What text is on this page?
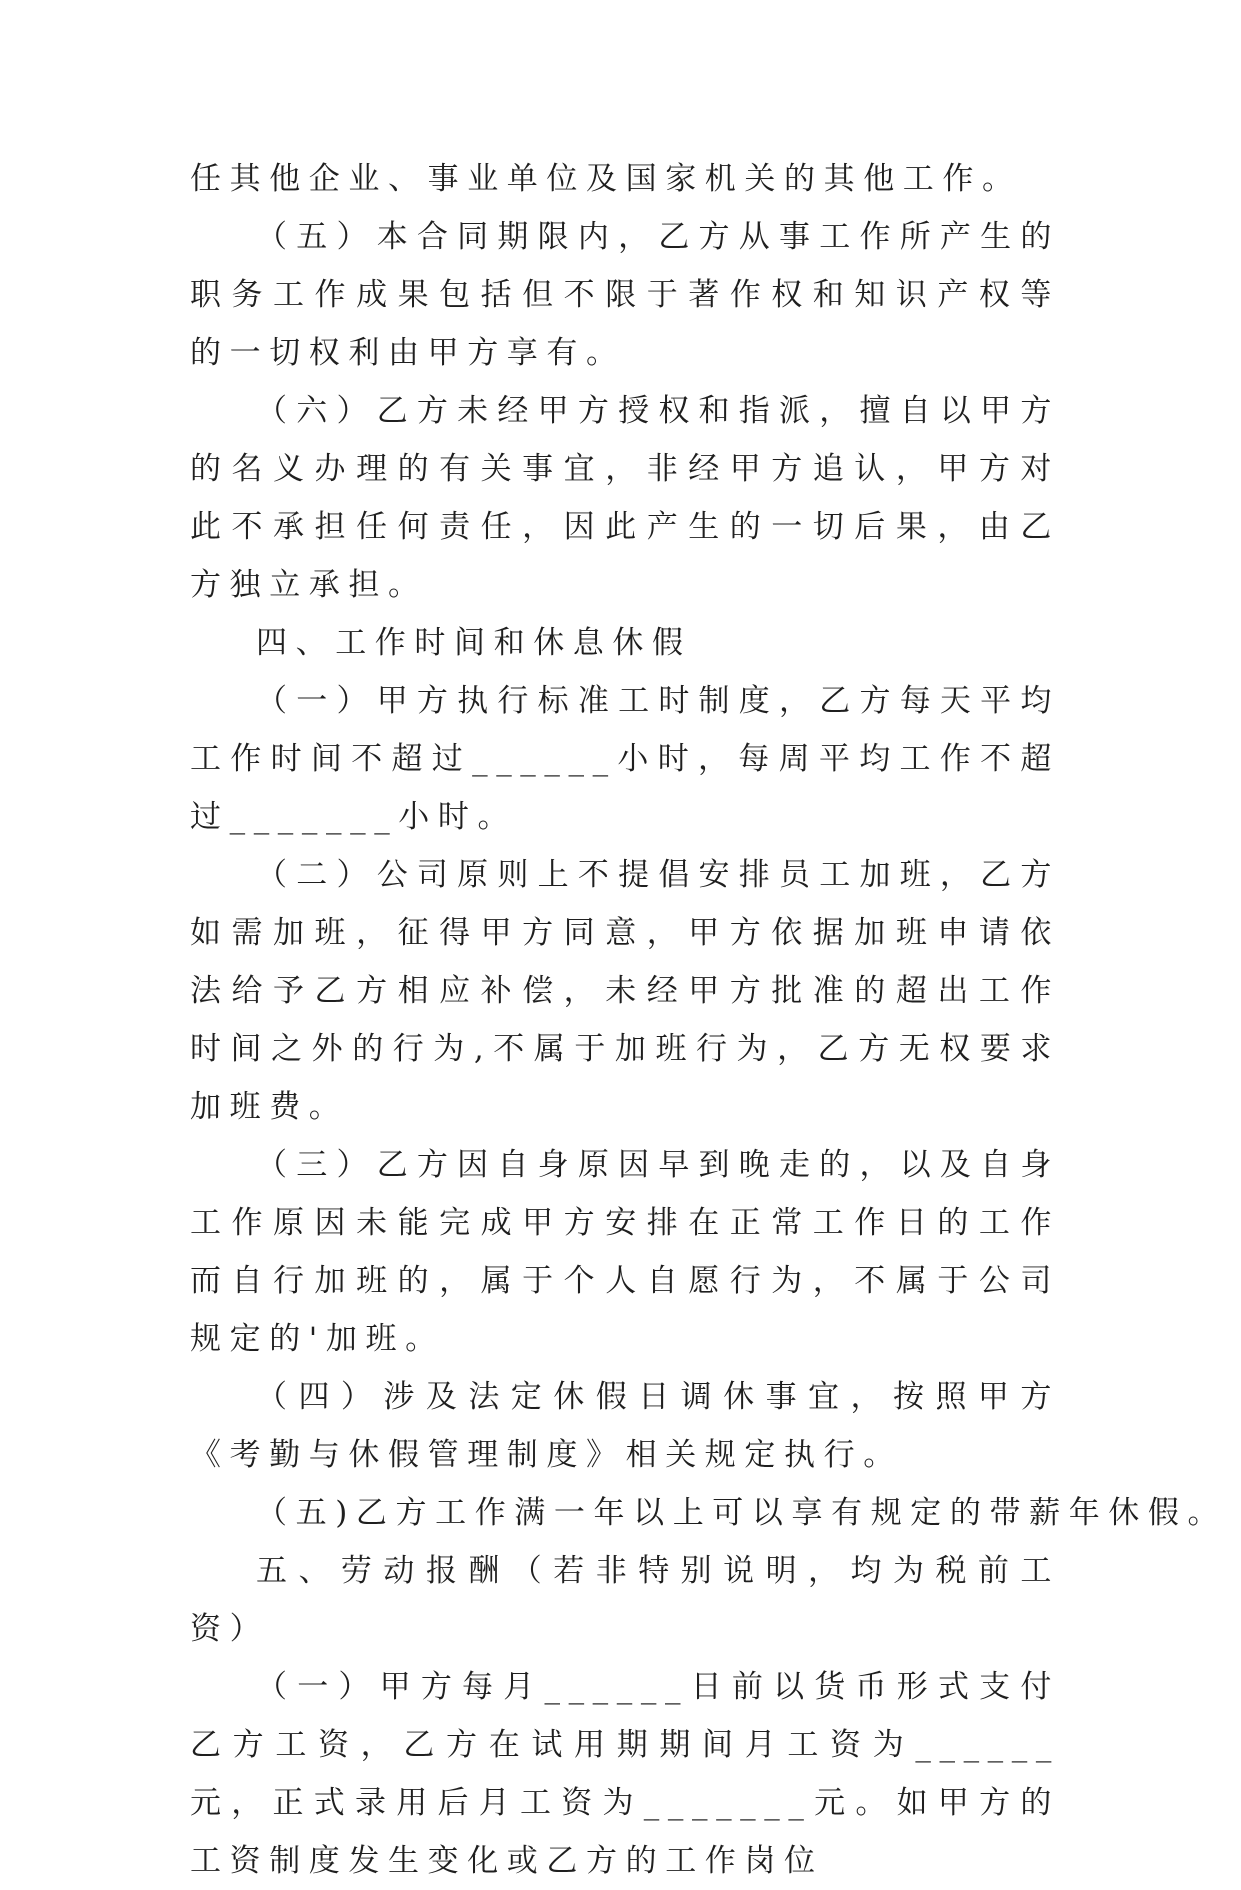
任其他企业、事业单位及国家机关的其他工作。

（五）本合同期限内，乙方从事工作所产生的职务工作成果包括但不限于著作权和知识产权等的一切权利由甲方享有。

（六）乙方未经甲方授权和指派，擅自以甲方的名义办理的有关事宜，非经甲方追认，甲方对此不承担任何责任，因此产生的一切后果，由乙方独立承担。

四、工作时间和休息休假

（一）甲方执行标准工时制度，乙方每天平均工作时间不超过______小时，每周平均工作不超过_______小时。

（二）公司原则上不提倡安排员工加班，乙方如需加班，征得甲方同意，甲方依据加班申请依法给予乙方相应补偿，未经甲方批准的超出工作时间之外的行为,不属于加班行为，乙方无权要求加班费。

（三）乙方因自身原因早到晚走的，以及自身工作原因未能完成甲方安排在正常工作日的工作而自行加班的，属于个人自愿行为，不属于公司规定的'加班。

（四）涉及法定休假日调休事宜，按照甲方《考勤与休假管理制度》相关规定执行。

（五)乙方工作满一年以上可以享有规定的带薪年休假。

五、劳动报酬（若非特别说明，均为税前工资）

（一）甲方每月______日前以货币形式支付乙方工资，乙方在试用期期间月工资为______元，正式录用后月工资为_______元。如甲方的工资制度发生变化或乙方的工作岗位
